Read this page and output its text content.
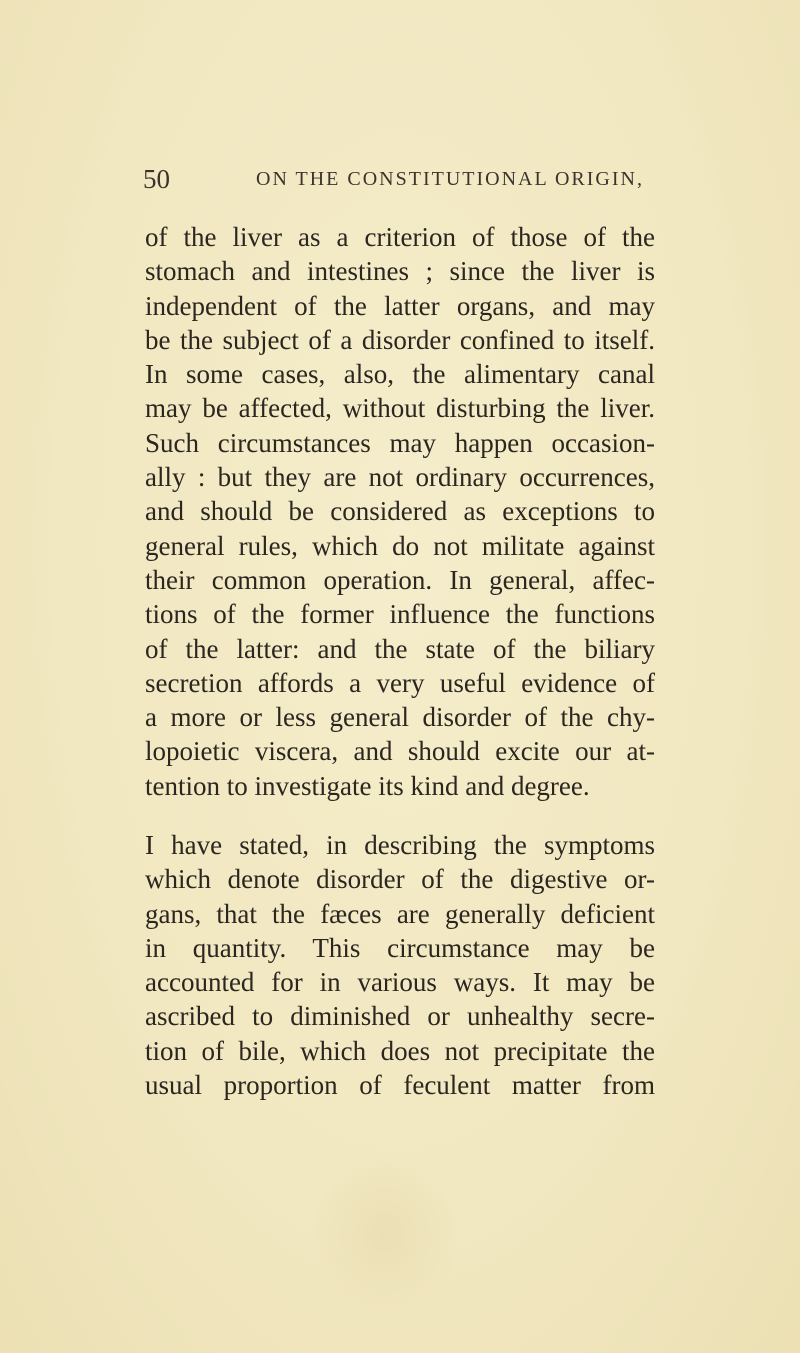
50	ON THE CONSTITUTIONAL ORIGIN,

of the liver as a criterion of those of the
stomach and intestines ; since the liver is
independent of the latter organs, and may
be the subject of a disorder confined to itself.
In some cases, also, the alimentary canal
may be affected, without disturbing the liver.
Such circumstances may happen occasion-
ally : but they are not ordinary occurrences,
and should be considered as exceptions to
general rules, which do not militate against
their common operation. In general, affec-
tions of the former influence the functions
of the latter: and the state of the biliary
secretion affords a very useful evidence of
a more or less general disorder of the chy-
lopoietic viscera, and should excite our at-
tention to investigate its kind and degree.

I have stated, in describing the symptoms
which denote disorder of the digestive or-
gans, that the fæces are generally deficient
in quantity. This circumstance may be
accounted for in various ways. It may be
ascribed to diminished or unhealthy secre-
tion of bile, which does not precipitate the
usual proportion of feculent matter from
